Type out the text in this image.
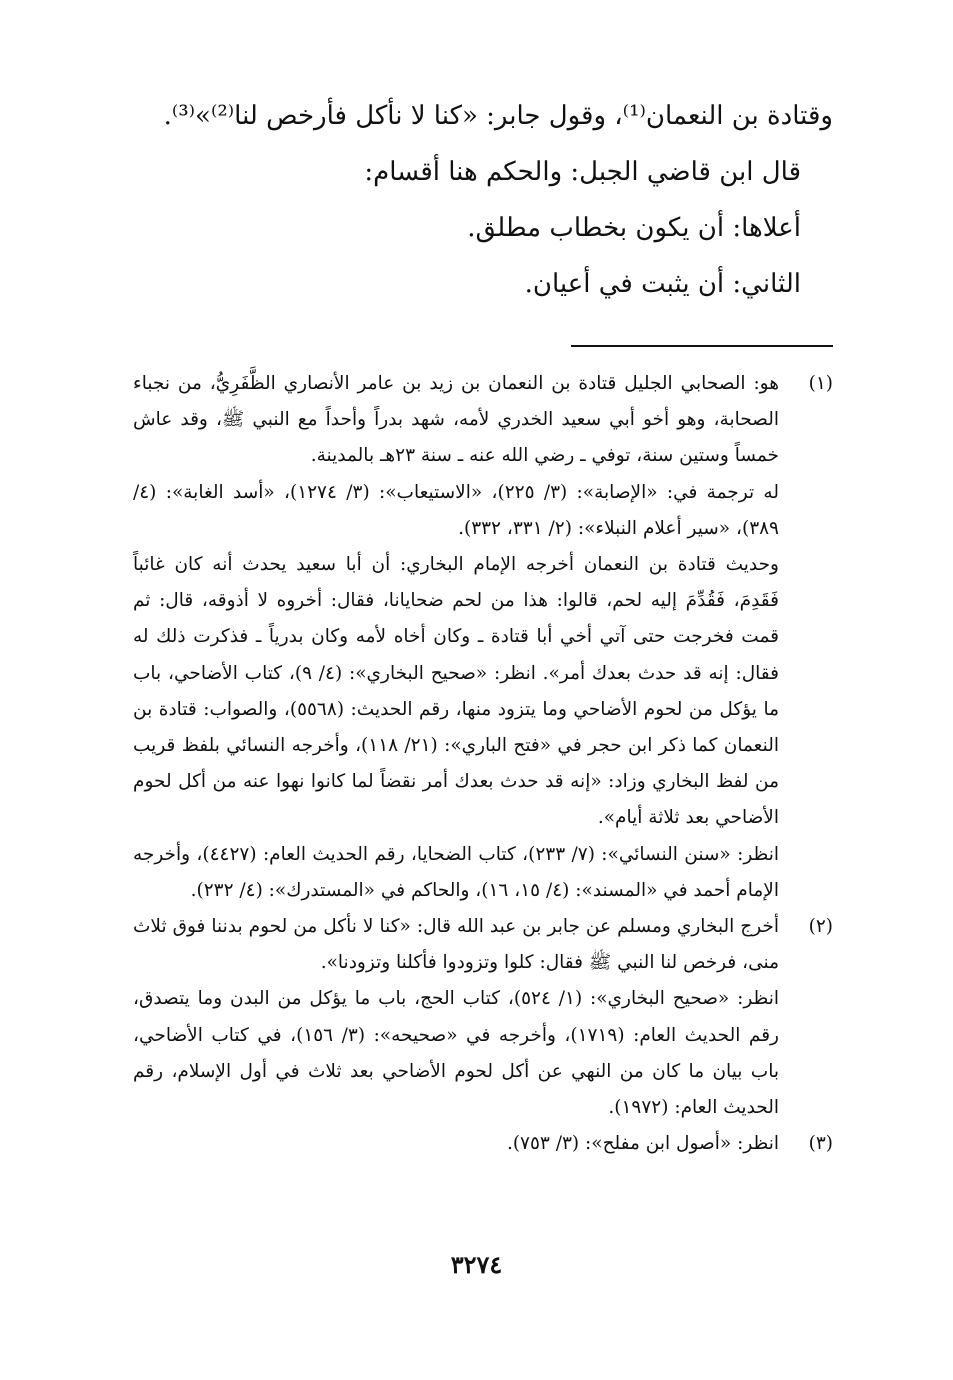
وقتادة بن النعمان⁽¹⁾، وقول جابر: «كنا لا نأكل فأرخص لنا⁽²⁾»⁽³⁾.

قال ابن قاضي الجبل: والحكم هنا أقسام:

أعلاها: أن يكون بخطاب مطلق.

الثاني: أن يثبت في أعيان.

(١)

هو: الصحابي الجليل قتادة بن النعمان بن زيد بن عامر الأنصاري الظَّفَرِيُّ، من نجباء الصحابة، وهو أخو أبي سعيد الخدري لأمه، شهد بدراً وأحداً مع النبي ﷺ، وقد عاش خمساً وستين سنة، توفي ـ رضي الله عنه ـ سنة ٢٣هـ بالمدينة.

له ترجمة في: «الإصابة»: (٣/ ٢٢٥)، «الاستيعاب»: (٣/ ١٢٧٤)، «أسد الغابة»: (٤/ ٣٨٩)، «سير أعلام النبلاء»: (٢/ ٣٣١، ٣٣٢).

وحديث قتادة بن النعمان أخرجه الإمام البخاري: أن أبا سعيد يحدث أنه كان غائباً فَقَدِمَ، فَقُدِّمَ إليه لحم، قالوا: هذا من لحم ضحايانا، فقال: أخروه لا أذوقه، قال: ثم قمت فخرجت حتى آتي أخي أبا قتادة ـ وكان أخاه لأمه وكان بدرياً ـ فذكرت ذلك له فقال: إنه قد حدث بعدك أمر». انظر: «صحيح البخاري»: (٤/ ٩)، كتاب الأضاحي، باب ما يؤكل من لحوم الأضاحي وما يتزود منها، رقم الحديث: (٥٥٦٨)، والصواب: قتادة بن النعمان كما ذكر ابن حجر في «فتح الباري»: (٢١/ ١١٨)، وأخرجه النسائي بلفظ قريب من لفظ البخاري وزاد: «إنه قد حدث بعدك أمر نقضاً لما كانوا نهوا عنه من أكل لحوم الأضاحي بعد ثلاثة أيام».

انظر: «سنن النسائي»: (٧/ ٢٣٣)، كتاب الضحايا، رقم الحديث العام: (٤٤٢٧)، وأخرجه الإمام أحمد في «المسند»: (٤/ ١٥، ١٦)، والحاكم في «المستدرك»: (٤/ ٢٣٢).

(٢)

أخرج البخاري ومسلم عن جابر بن عبد الله قال: «كنا لا نأكل من لحوم بدننا فوق ثلاث منى، فرخص لنا النبي ﷺ فقال: كلوا وتزودوا فأكلنا وتزودنا».

انظر: «صحيح البخاري»: (١/ ٥٢٤)، كتاب الحج، باب ما يؤكل من البدن وما يتصدق، رقم الحديث العام: (١٧١٩)، وأخرجه في «صحيحه»: (٣/ ١٥٦)، في كتاب الأضاحي، باب بيان ما كان من النهي عن أكل لحوم الأضاحي بعد ثلاث في أول الإسلام، رقم الحديث العام: (١٩٧٢).

(٣)

انظر: «أصول ابن مفلح»: (٣/ ٧٥٣).

٣٢٧٤
